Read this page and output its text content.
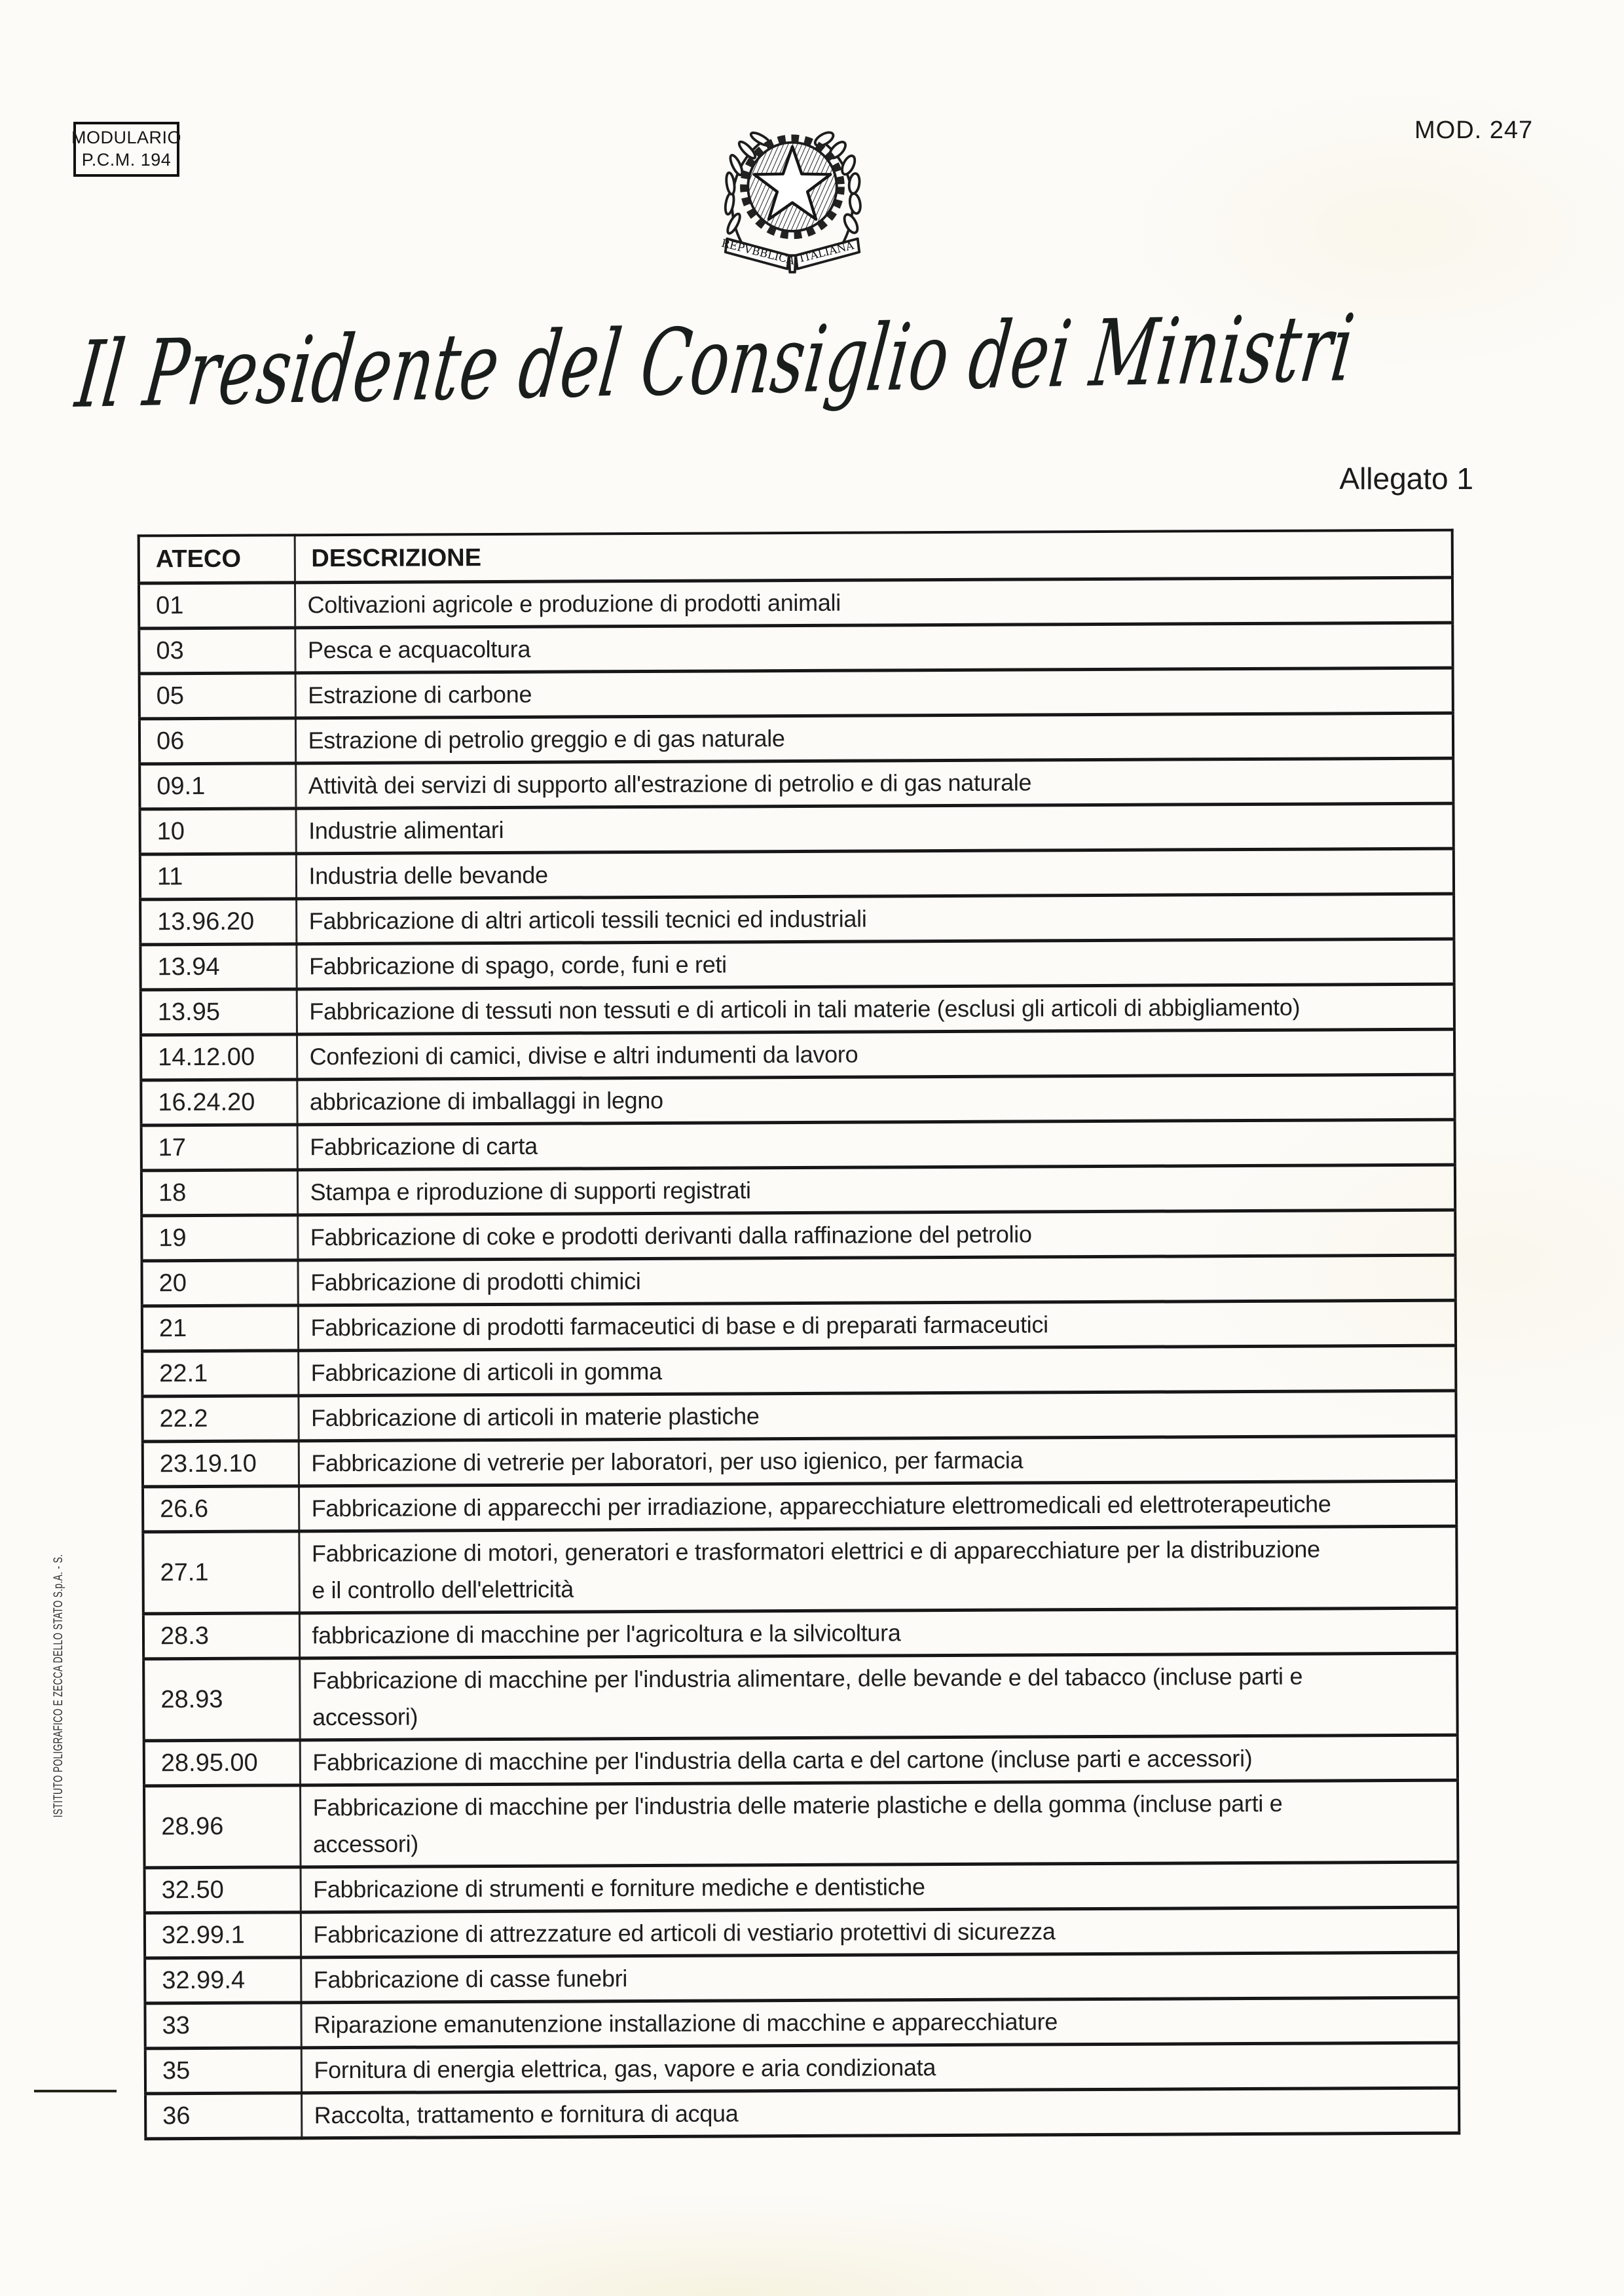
MODULARIO
P.C.M. 194
MOD. 247
REPVBBLICA ITALIANA
Il Presidente del Consiglio dei Ministri
Allegato 1
ATECO	DESCRIZIONE
01	Coltivazioni agricole e produzione di prodotti animali
03	Pesca e acquacoltura
05	Estrazione di carbone
06	Estrazione di petrolio greggio e di gas naturale
09.1	Attività dei servizi di supporto all'estrazione di petrolio e di gas naturale
10	Industrie alimentari
11	Industria delle bevande
13.96.20	Fabbricazione di altri articoli tessili tecnici ed industriali
13.94	Fabbricazione di spago, corde, funi e reti
13.95	Fabbricazione di tessuti non tessuti e di articoli in tali materie (esclusi gli articoli di abbigliamento)
14.12.00	Confezioni di camici, divise e altri indumenti da lavoro
16.24.20	abbricazione di imballaggi in legno
17	Fabbricazione di carta
18	Stampa e riproduzione di supporti registrati
19	Fabbricazione di coke e prodotti derivanti dalla raffinazione del petrolio
20	Fabbricazione di prodotti chimici
21	Fabbricazione di prodotti farmaceutici di base e di preparati farmaceutici
22.1	Fabbricazione di articoli in gomma
22.2	Fabbricazione di articoli in materie plastiche
23.19.10	Fabbricazione di vetrerie per laboratori, per uso igienico, per farmacia
26.6	Fabbricazione di apparecchi per irradiazione, apparecchiature elettromedicali ed elettroterapeutiche
27.1	Fabbricazione di motori, generatori e trasformatori elettrici e di apparecchiature per la distribuzione
e il controllo dell'elettricità
28.3	fabbricazione di macchine per l'agricoltura e la silvicoltura
28.93	Fabbricazione di macchine per l'industria alimentare, delle bevande e del tabacco (incluse parti e
accessori)
28.95.00	Fabbricazione di macchine per l'industria della carta e del cartone (incluse parti e accessori)
28.96	Fabbricazione di macchine per l'industria delle materie plastiche e della gomma (incluse parti e
accessori)
32.50	Fabbricazione di strumenti e forniture mediche e dentistiche
32.99.1	Fabbricazione di attrezzature ed articoli di vestiario protettivi di sicurezza
32.99.4	Fabbricazione di casse funebri
33	Riparazione emanutenzione installazione di macchine e apparecchiature
35	Fornitura di energia elettrica, gas, vapore e aria condizionata
36	Raccolta, trattamento e fornitura di acqua
ISTITUTO POLIGRAFICO E ZECCA DELLO STATO S.p.A. - S.
